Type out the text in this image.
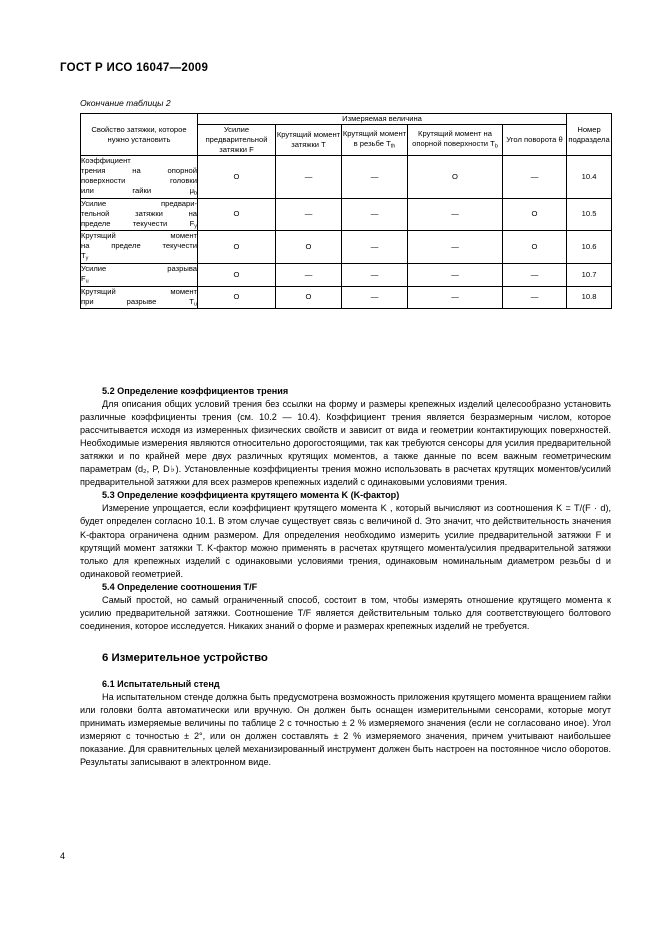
ГОСТ Р ИСО 16047—2009
Окончание таблицы 2
Свойство затяжки, которое нужно установить	Измеряемая величина					Номер подраздела
	Усилие предварительной затяжки F	Крутящий момент затяжки T	Крутящий момент в резьбе $T_{th}$	Крутящий момент на опорной поверхности $T_b$	Угол поворота θ	

Коэффициент
трения на опорной
поверхности головки
или гайки $\mu_b$	О	—	—	О	—	10.4

Усилие предвари-
тельной затяжки на
пределе текучести $F_y$	О	—	—	—	О	10.5

Крутящий момент
на пределе текучести
$T_y$	О	О	—	—	О	10.6

Усилие разрыва
$F_u$	О	—	—	—	—	10.7

Крутящий момент
при разрыве $T_u$	О	О	—	—	—	10.8
5.2 Определение коэффициентов трения

Для описания общих условий трения без ссылки на форму и размеры крепежных изделий целесообразно установить различные коэффициенты трения (см. 10.2 — 10.4). Коэффициент трения является безразмерным числом, которое рассчитывается исходя из измеренных физических свойств и зависит от вида и геометрии контактирующих поверхностей. Необходимые измерения являются относительно дорогостоящими, так как требуются сенсоры для усилия предварительной затяжки и по крайней мере двух различных крутящих моментов, а также данные по всем важным геометрическим параметрам (d₂, P, D♭). Установленные коэффициенты трения можно использовать в расчетах крутящих моментов/усилий предварительной затяжки для всех размеров крепежных изделий с одинаковыми условиями трения.

5.3 Определение коэффициента крутящего момента K (K-фактор)

Измерение упрощается, если коэффициент крутящего момента K , который вычисляют из соотношения K = T/(F · d), будет определен согласно 10.1. В этом случае существует связь с величиной d. Это значит, что действительность значения K-фактора ограничена одним размером. Для определения необходимо измерить усилие предварительной затяжки F и крутящий момент затяжки T. K-фактор можно применять в расчетах крутящего момента/усилия предварительной затяжки только для крепежных изделий с одинаковыми условиями трения, одинаковым номинальным диаметром резьбы d и одинаковой геометрией.

5.4 Определение соотношения T/F

Самый простой, но самый ограниченный способ, состоит в том, чтобы измерять отношение крутящего момента к усилию предварительной затяжки. Соотношение T/F является действительным только для соответствующего болтового соединения, которое исследуется. Никаких знаний о форме и размерах крепежных изделий не требуется.

6 Измерительное устройство
6.1 Испытательный стенд

На испытательном стенде должна быть предусмотрена возможность приложения крутящего момента вращением гайки или головки болта автоматически или вручную. Он должен быть оснащен измерительными сенсорами, которые могут принимать измеряемые величины по таблице 2 с точностью ± 2 % измеряемого значения (если не согласовано иное). Угол измеряют с точностью ± 2°, или он должен составлять ± 2 % измеряемого значения, причем учитывают наибольшее показание. Для сравнительных целей механизированный инструмент должен быть настроен на постоянное число оборотов. Результаты записывают в электронном виде.

4
